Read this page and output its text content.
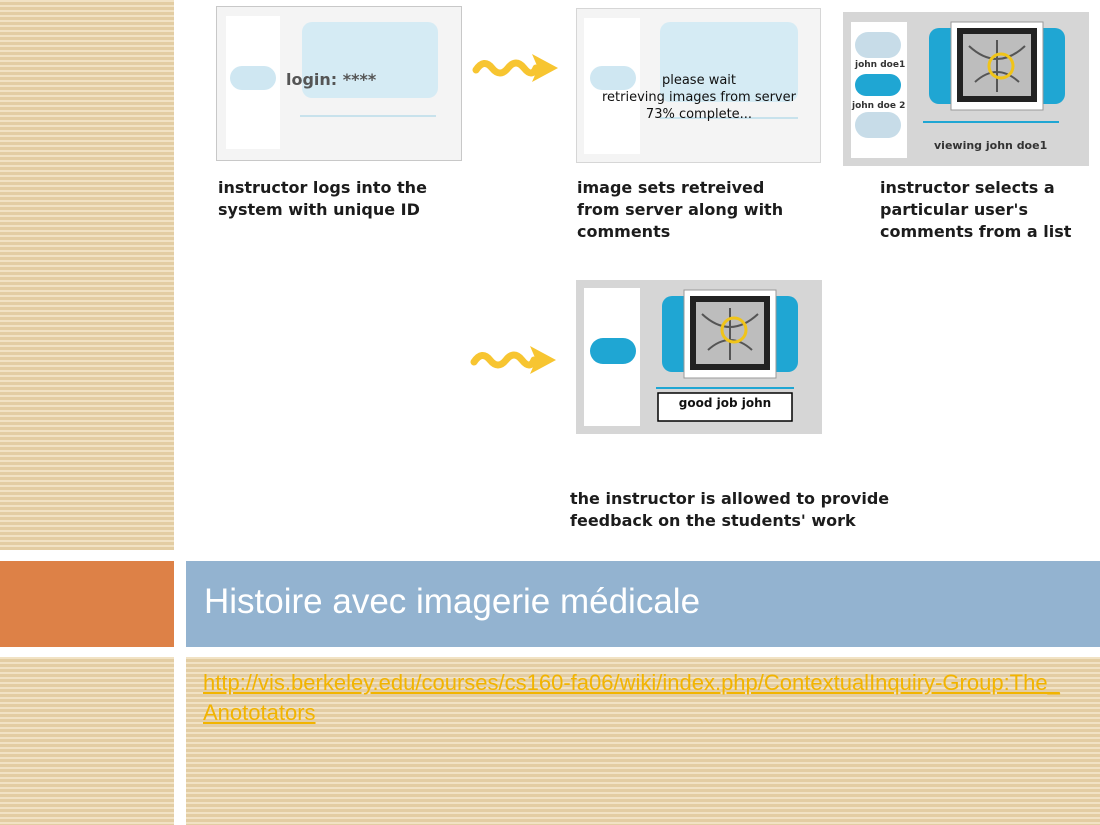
login: ****
instructor logs into the
system with unique ID
please wait
retrieving images from server
73% complete...
image sets retreived
from server along with
comments
john doe1
john doe 2
viewing john doe1
instructor selects a
particular user's
comments from a list
good job john
the instructor is allowed to provide
feedback on the students' work
Histoire avec imagerie médicale
http://vis.berkeley.edu/courses/cs160-fa06/wiki/index.php/ContextualInquiry-Group:The_Anototators
